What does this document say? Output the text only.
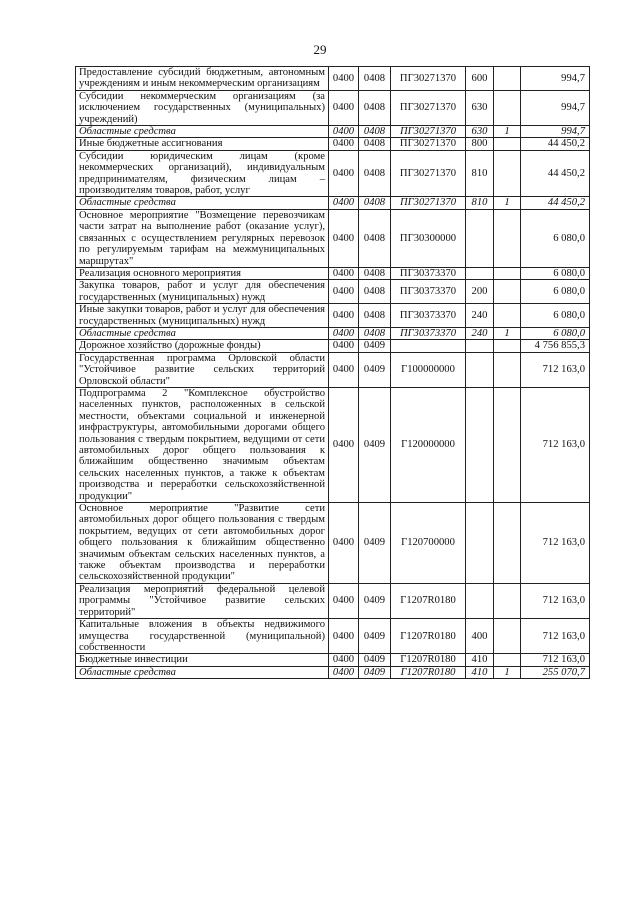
29
Предоставление субсидий бюджетным, автономным учреждениям и иным некоммерческим организациям	0400	0408	ПГ30271370	600		994,7
Субсидии некоммерческим организациям (за исключением государственных (муниципальных) учреждений)	0400	0408	ПГ30271370	630		994,7
Областные средства	0400	0408	ПГ30271370	630	1	994,7
Иные бюджетные ассигнования	0400	0408	ПГ30271370	800		44 450,2
Субсидии юридическим лицам (кроме некоммерческих организаций), индивидуальным предпринимателям, физическим лицам – производителям товаров, работ, услуг	0400	0408	ПГ30271370	810		44 450,2
Областные средства	0400	0408	ПГ30271370	810	1	44 450,2
Основное мероприятие "Возмещение перевозчикам части затрат на выполнение работ (оказание услуг), связанных с осуществлением регулярных перевозок по регулируемым тарифам на межмуниципальных маршрутах"	0400	0408	ПГ30300000			6 080,0
Реализация основного мероприятия	0400	0408	ПГ30373370			6 080,0
Закупка товаров, работ и услуг для обеспечения государственных (муниципальных) нужд	0400	0408	ПГ30373370	200		6 080,0
Иные закупки товаров, работ и услуг для обеспечения государственных (муниципальных) нужд	0400	0408	ПГ30373370	240		6 080,0
Областные средства	0400	0408	ПГ30373370	240	1	6 080,0
Дорожное хозяйство (дорожные фонды)	0400	0409				4 756 855,3
Государственная программа Орловской области "Устойчивое развитие сельских территорий Орловской области"	0400	0409	Г100000000			712 163,0
Подпрограмма 2 "Комплексное обустройство населенных пунктов, расположенных в сельской местности, объектами социальной и инженерной инфраструктуры, автомобильными дорогами общего пользования с твердым покрытием, ведущими от сети автомобильных дорог общего пользования к ближайшим общественно значимым объектам сельских населенных пунктов, а также к объектам производства и переработки сельскохозяйственной продукции"	0400	0409	Г120000000			712 163,0
Основное мероприятие "Развитие сети автомобильных дорог общего пользования с твердым покрытием, ведущих от сети автомобильных дорог общего пользования к ближайшим общественно значимым объектам сельских населенных пунктов, а также объектам производства и переработки сельскохозяйственной продукции"	0400	0409	Г120700000			712 163,0
Реализация мероприятий федеральной целевой программы "Устойчивое развитие сельских территорий"	0400	0409	Г1207R0180			712 163,0
Капитальные вложения в объекты недвижимого имущества государственной (муниципальной) собственности	0400	0409	Г1207R0180	400		712 163,0
Бюджетные инвестиции	0400	0409	Г1207R0180	410		712 163,0
Областные средства	0400	0409	Г1207R0180	410	1	255 070,7
